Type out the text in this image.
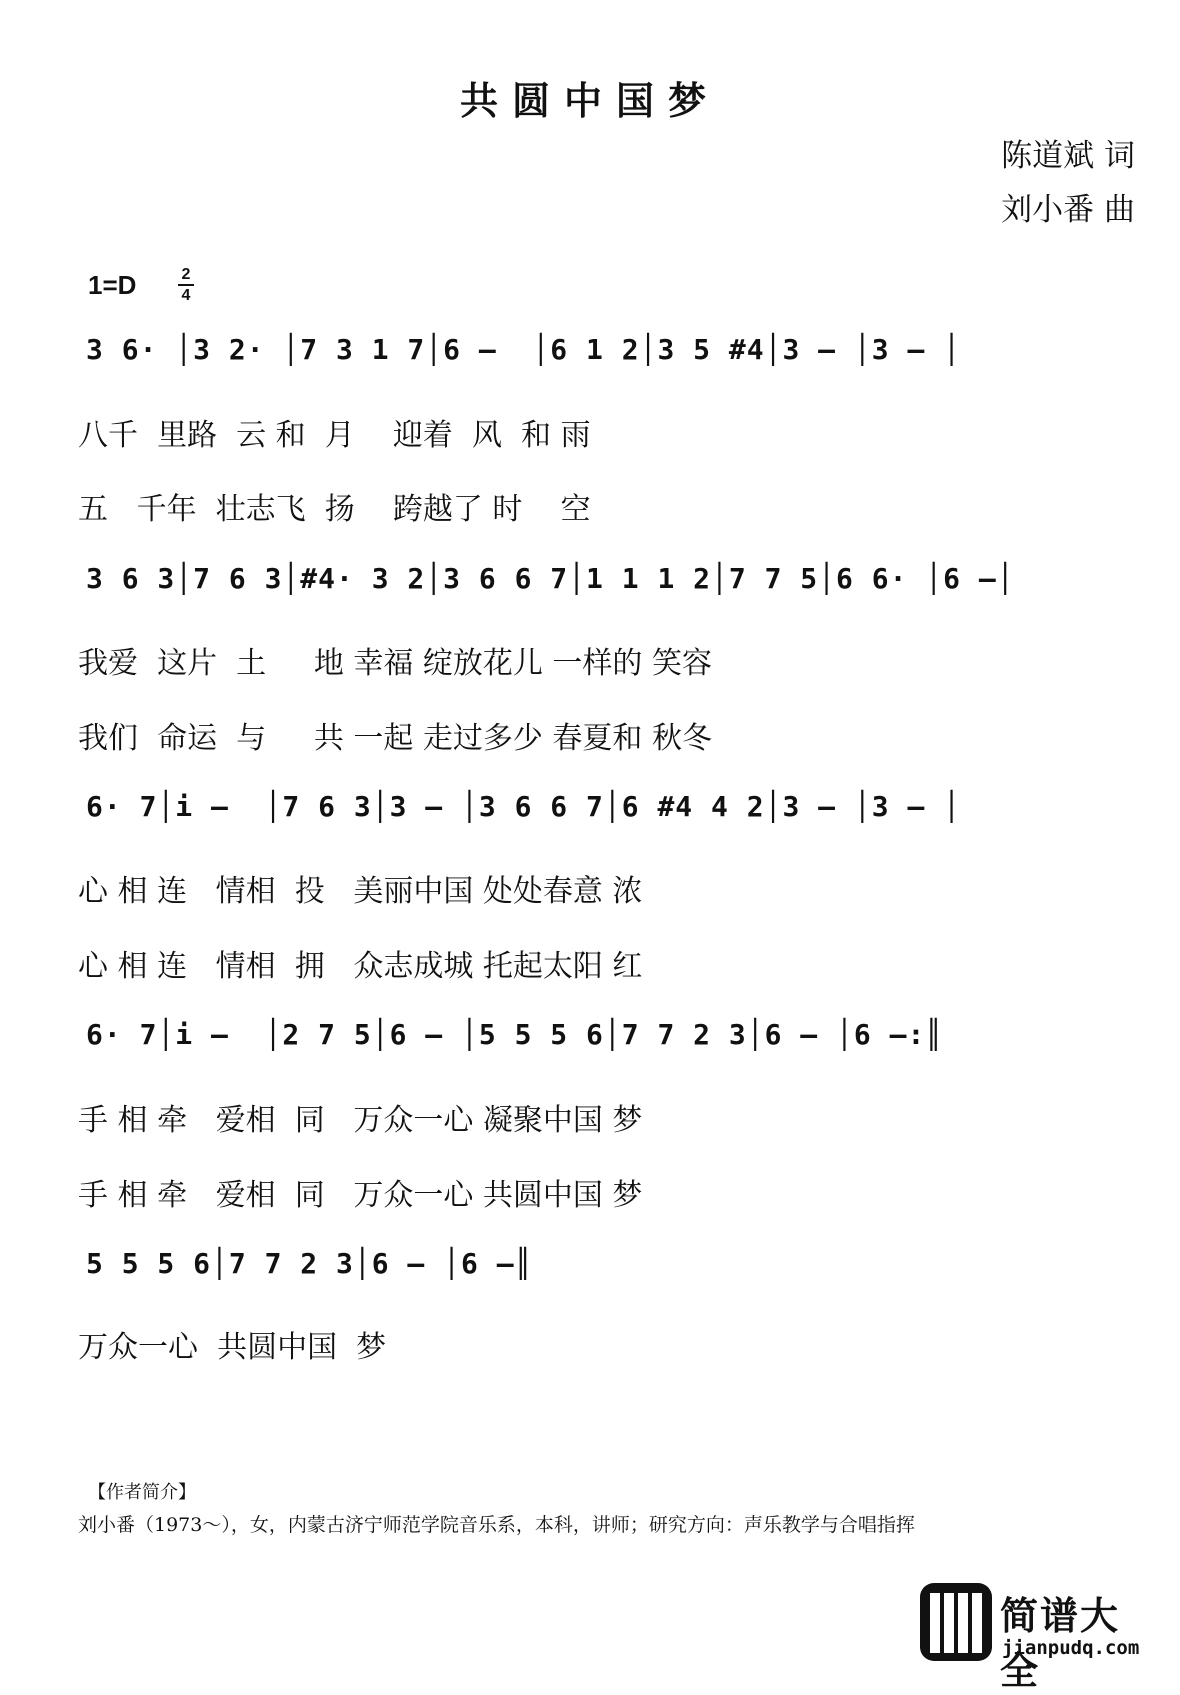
共圆中国梦
陈道斌 词
刘小番 曲
1=D	2
4
3 6· │3 2· │7 3 1 7│6 –  │6 1 2│3 5 #4│3 – │3 – │
八千  里路  云 和  月    迎着  风  和 雨
五   千年  壮志飞  扬    跨越了 时    空
3 6 3│7 6 3│#4· 3 2│3 6 6 7│1 1 1 2│7 7 5│6 6· │6 –│
我爱  这片  土     地 幸福 绽放花儿 一样的 笑容
我们  命运  与     共 一起 走过多少 春夏和 秋冬
6· 7│i –  │7 6 3│3 – │3 6 6 7│6 #4 4 2│3 – │3 – │
心 相 连   情相  投   美丽中国 处处春意 浓
心 相 连   情相  拥   众志成城 托起太阳 红
6· 7│i –  │2 7 5│6 – │5 5 5 6│7 7 2 3│6 – │6 –:║
手 相 牵   爱相  同   万众一心 凝聚中国 梦
手 相 牵   爱相  同   万众一心 共圆中国 梦
5 5 5 6│7 7 2 3│6 – │6 –║
万众一心  共圆中国  梦
【作者简介】
刘小番（1973～），女，内蒙古济宁师范学院音乐系，本科，讲师；研究方向：声乐教学与合唱指挥
简谱大全
jianpudq.com
